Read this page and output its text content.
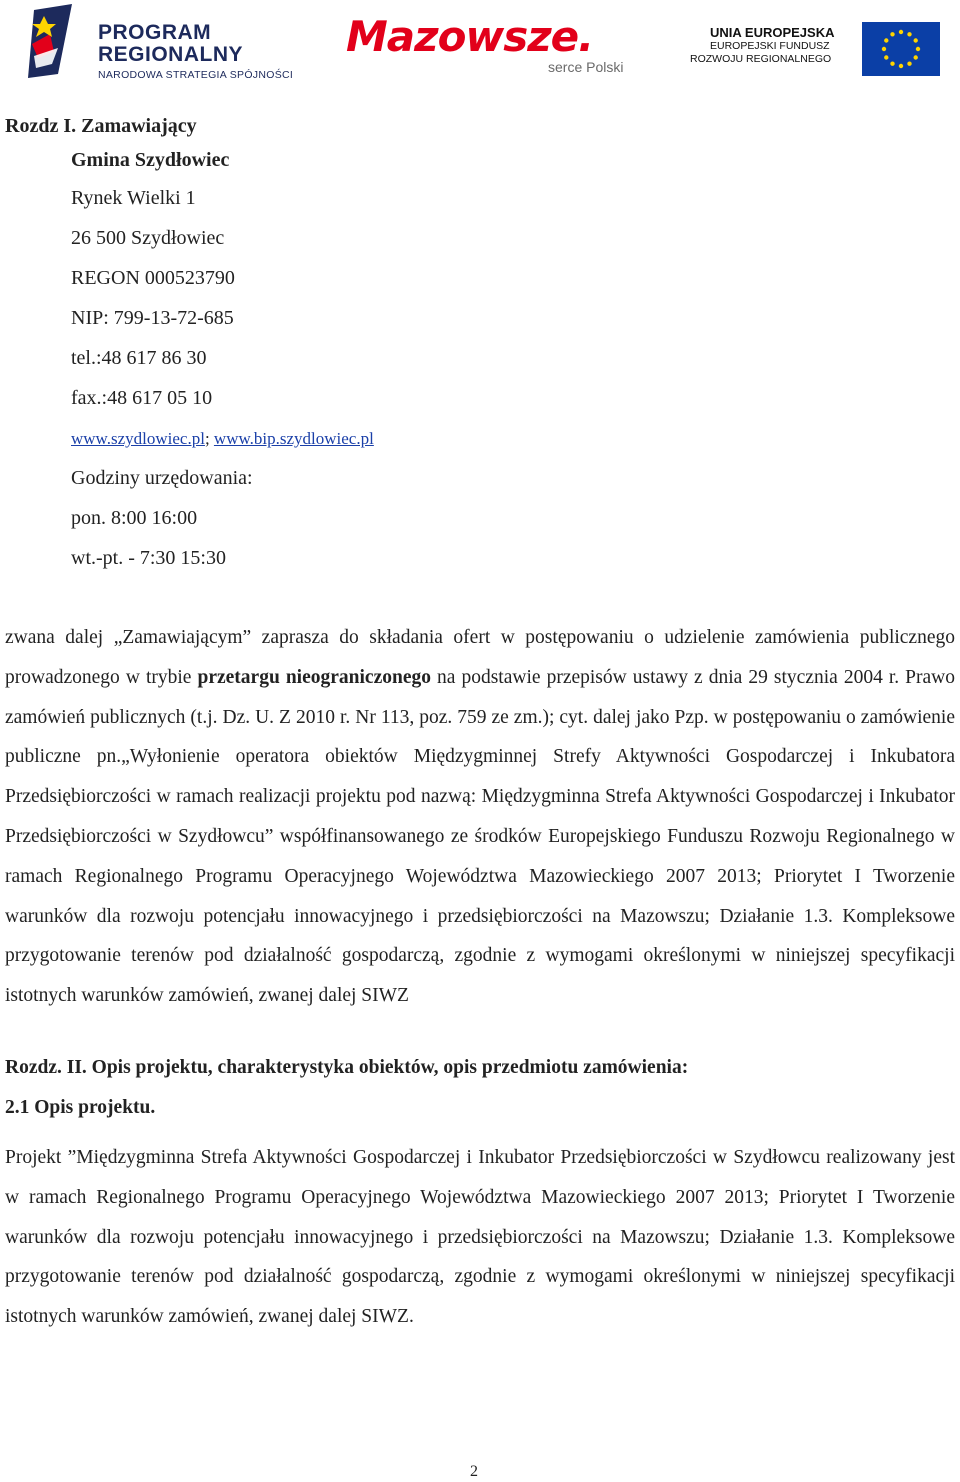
PROGRAM
REGIONALNY
NARODOWA STRATEGIA SPÓJNOŚCI
Mazowsze.
serce Polski
UNIA EUROPEJSKA
EUROPEJSKI FUNDUSZ
ROZWOJU REGIONALNEGO
Rozdz I. Zamawiający
Gmina Szydłowiec
Rynek Wielki 1
26 500 Szydłowiec
REGON 000523790
NIP: 799-13-72-685
tel.:48 617 86 30
fax.:48 617 05 10
www.szydlowiec.pl; www.bip.szydlowiec.pl
Godziny urzędowania:
pon. 8:00 16:00
wt.-pt. - 7:30 15:30
zwana dalej „Zamawiającym” zaprasza do składania ofert w postępowaniu o udzielenie zamówienia publicznego prowadzonego w trybie przetargu nieograniczonego na podstawie przepisów ustawy z dnia 29 stycznia 2004 r. Prawo zamówień publicznych (t.j. Dz. U. Z 2010 r. Nr 113, poz. 759 ze zm.); cyt. dalej jako Pzp. w postępowaniu o zamówienie publiczne pn.„Wyłonienie operatora obiektów Międzygminnej Strefy Aktywności Gospodarczej i Inkubatora Przedsiębiorczości w ramach realizacji projektu pod nazwą: Międzygminna Strefa Aktywności Gospodarczej i Inkubator Przedsiębiorczości w Szydłowcu” współfinansowanego ze środków Europejskiego Funduszu Rozwoju Regionalnego w ramach Regionalnego Programu Operacyjnego Województwa Mazowieckiego 2007 2013; Priorytet I Tworzenie warunków dla rozwoju potencjału innowacyjnego i przedsiębiorczości na Mazowszu; Działanie 1.3. Kompleksowe przygotowanie terenów pod działalność gospodarczą, zgodnie z wymogami określonymi w niniejszej specyfikacji istotnych warunków zamówień, zwanej dalej SIWZ
Rozdz. II. Opis projektu, charakterystyka obiektów, opis przedmiotu zamówienia:
2.1 Opis projektu.
Projekt ”Międzygminna Strefa Aktywności Gospodarczej i Inkubator Przedsiębiorczości w Szydłowcu realizowany jest w ramach Regionalnego Programu Operacyjnego Województwa Mazowieckiego 2007 2013; Priorytet I Tworzenie warunków dla rozwoju potencjału innowacyjnego i przedsiębiorczości na Mazowszu; Działanie 1.3. Kompleksowe przygotowanie terenów pod działalność gospodarczą, zgodnie z wymogami określonymi w niniejszej specyfikacji istotnych warunków zamówień, zwanej dalej SIWZ.
2
